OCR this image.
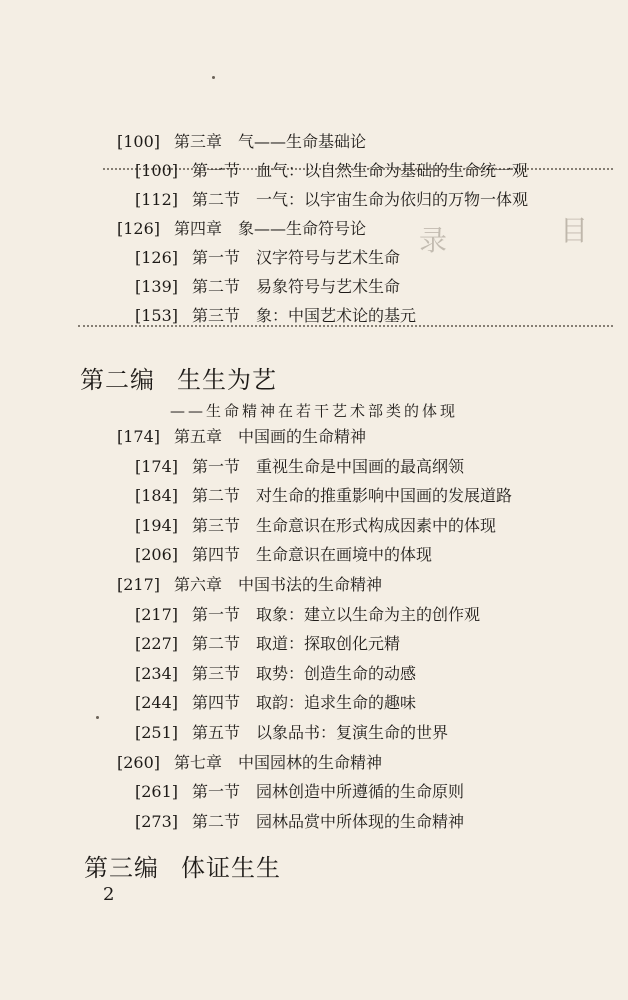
目
录
[100] 第三章 气——生命基础论
[100] 第一节 血气：以自然生命为基础的生命统一观
[112] 第二节 一气：以宇宙生命为依归的万物一体观
[126] 第四章 象——生命符号论
[126] 第一节 汉字符号与艺术生命
[139] 第二节 易象符号与艺术生命
[153] 第三节 象：中国艺术论的基元
第二编 生生为艺
——生命精神在若干艺术部类的体现
[174] 第五章 中国画的生命精神
[174] 第一节 重视生命是中国画的最高纲领
[184] 第二节 对生命的推重影响中国画的发展道路
[194] 第三节 生命意识在形式构成因素中的体现
[206] 第四节 生命意识在画境中的体现
[217] 第六章 中国书法的生命精神
[217] 第一节 取象：建立以生命为主的创作观
[227] 第二节 取道：探取创化元精
[234] 第三节 取势：创造生命的动感
[244] 第四节 取韵：追求生命的趣味
[251] 第五节 以象品书：复演生命的世界
[260] 第七章 中国园林的生命精神
[261] 第一节 园林创造中所遵循的生命原则
[273] 第二节 园林品赏中所体现的生命精神
第三编 体证生生
2
